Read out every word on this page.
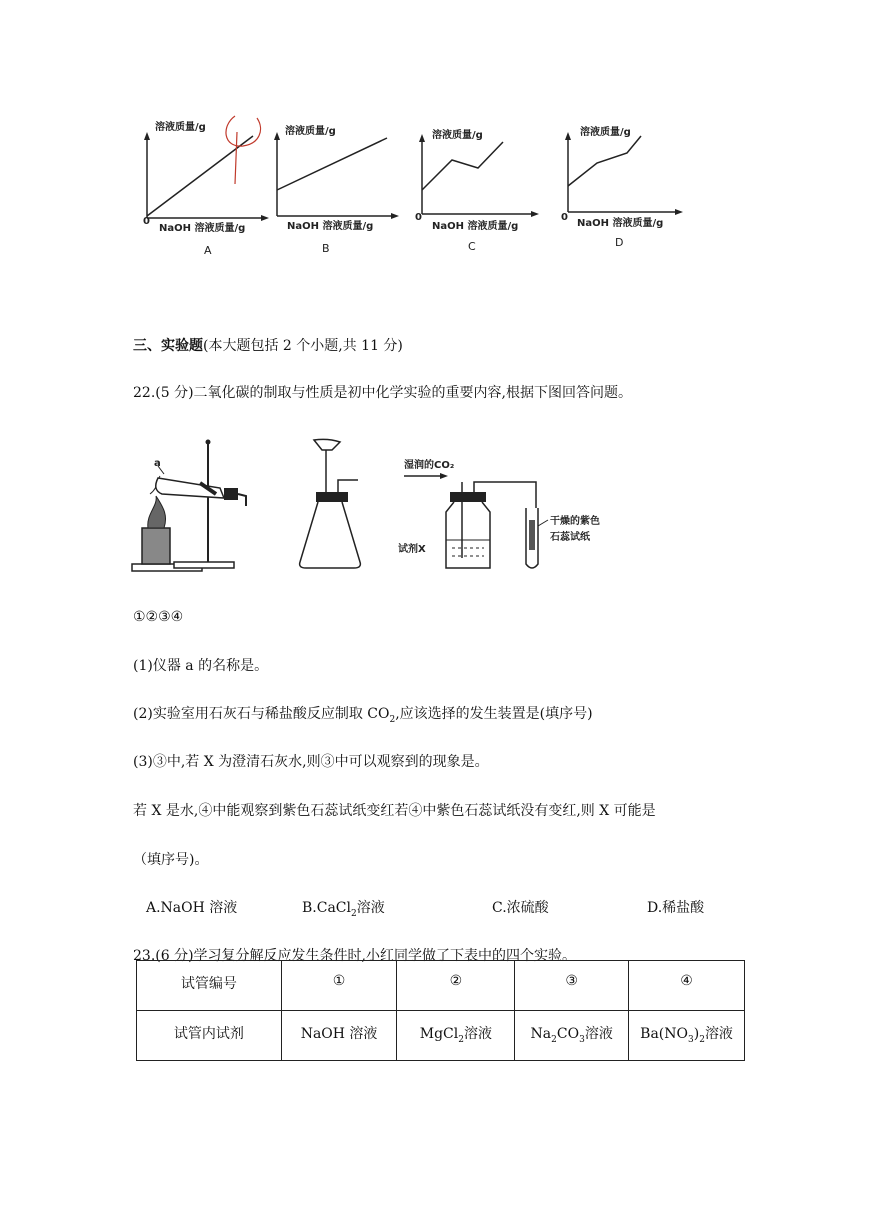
溶液质量/g
0
NaOH 溶液质量/g
A
溶液质量/g
NaOH 溶液质量/g
B
溶液质量/g
0
NaOH 溶液质量/g
C
溶液质量/g
0
NaOH 溶液质量/g
D
三、实验题(本大题包括 2 个小题,共 11 分)
22.(5 分)二氧化碳的制取与性质是初中化学实验的重要内容,根据下图回答问题。
a	湿润的CO₂
试剂X
干燥的紫色
石蕊试纸
①②③④
(1)仪器 a 的名称是。
(2)实验室用石灰石与稀盐酸反应制取 $CO_2$,应该选择的发生装置是(填序号)
(3)③中,若 X 为澄清石灰水,则③中可以观察到的现象是。
若 X 是水,④中能观察到紫色石蕊试纸变红若④中紫色石蕊试纸没有变红,则 X 可能是
（填序号)。
A.NaOH 溶液	B.CaCl$_2$溶液	C.浓硫酸	D.稀盐酸
23.(6 分)学习复分解反应发生条件时,小红同学做了下表中的四个实验。
试管编号	①	②	③	④
试管内试剂	NaOH 溶液	MgCl$_2$溶液	$Na_2CO_3$溶液	$Ba(NO_3)_2$溶液
